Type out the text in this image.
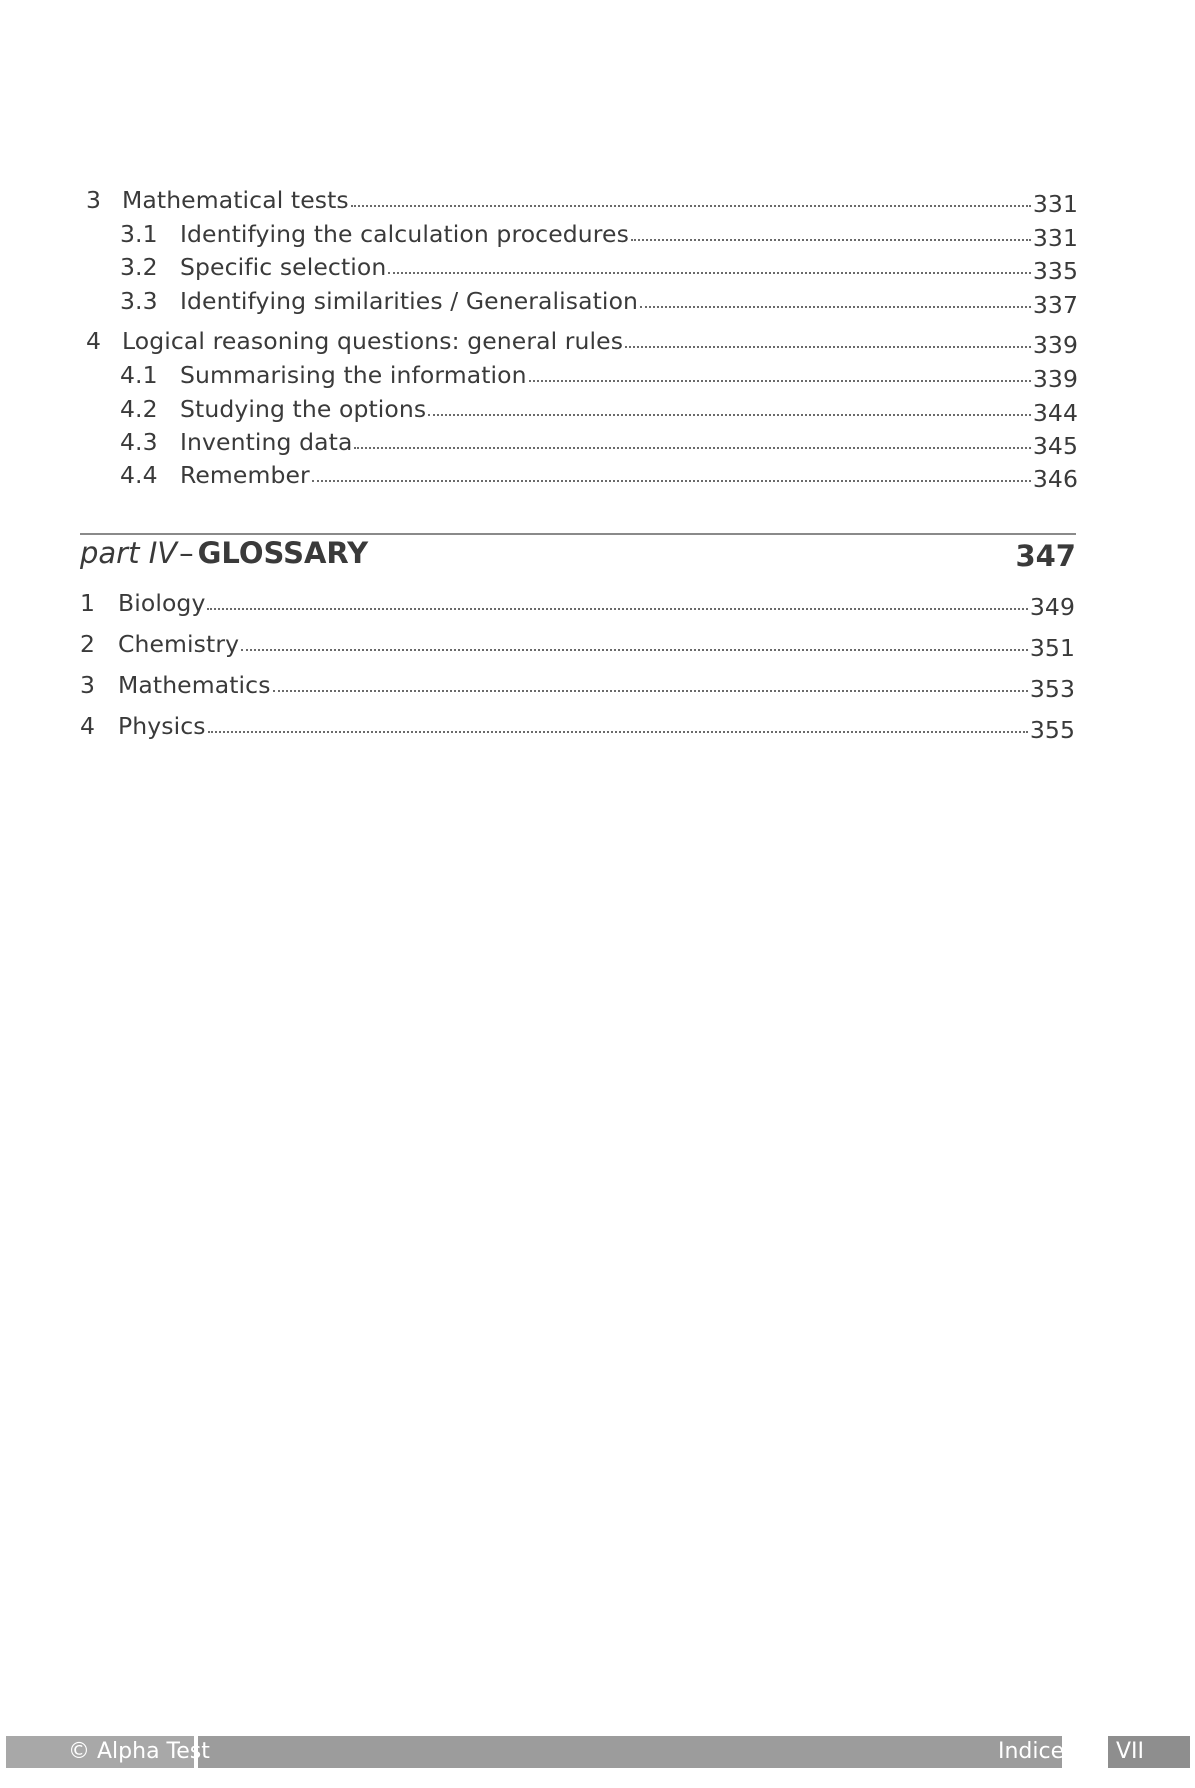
3 Mathematical tests	331
3.1 Identifying the calculation procedures	331
3.2 Specific selection	335
3.3 Identifying similarities / Generalisation	337
4 Logical reasoning questions: general rules	339
4.1 Summarising the information	339
4.2 Studying the options	344
4.3 Inventing data	345
4.4 Remember	346
part IV– GLOSSARY	347
1 Biology	349
2 Chemistry	351
3 Mathematics	353
4 Physics	355
© Alpha Test	Indice VII
